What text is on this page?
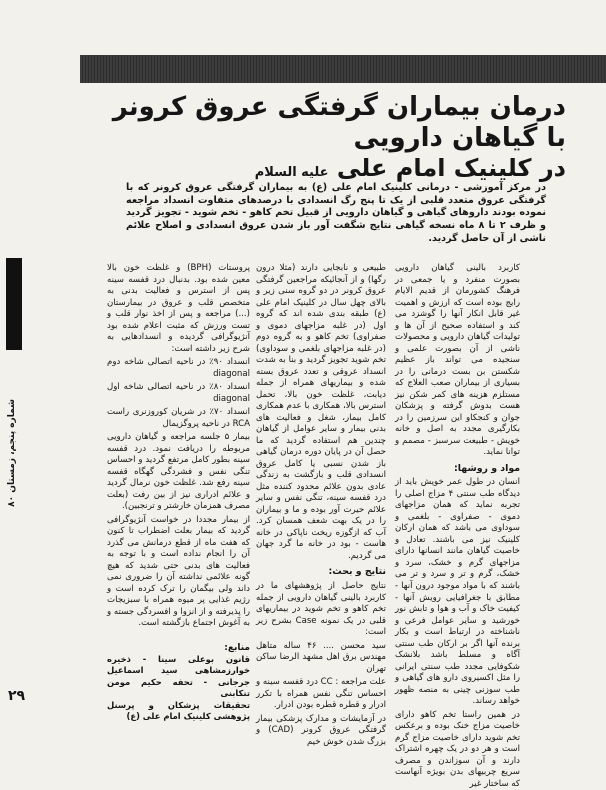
درمان بیماران گرفتگی عروق کرونر
با گیاهان دارویی
در کلینیک امام علی علیه السلام
در مرکز آموزشی - درمانی کلینیک امام علی (ع) به بیماران گرفتگی عروق کرونر که با گرفتگی عروق متعدد قلبی از یک تا پنج رگ انسدادی با درصدهای متفاوت انسداد مراجعه نموده بودند داروهای گیاهی و گیاهان دارویی از قبیل تخم کاهو - تخم شوید - تجویز گردید و ظرف ۲ تا ۸ ماه نسخه گیاهی نتایج شگفت آور باز شدن عروق انسدادی و اصلاح علائم ناشی از آن حاصل گردید.

کاربرد بالینی گیاهان دارویی بصورت منفرد و یا جمعی در فرهنگ کشورمان از قدیم الایام رایج بوده است که ارزش و اهمیت غیر قابل انکار آنها را گوشزد می کند و استفاده صحیح از آن ها و تولیدات گیاهان دارویی و محصولات ناشی از آن بصورت علمی و سنجیده می تواند باز عظیم شکستن بن بست درمانی را در بسیاری از بیماران صعب العلاج که مستلزم هزینه های کمر شکن نیز هست بدوش گرفته و پزشکان جوان و کنجکاو این سرزمین را در بکارگیری مجدد به اصل و خانه خویش - طبیعت سرسبز - مصمم و توانا نماید.

مواد و روشها:

انسان در طول عمر خویش باید از دیدگاه طب سنتی ۴ مزاج اصلی را تجربه نماید که همان مزاجهای دموی - صفراوی - بلغمی و سوداوی می باشد که همان ارکان کلینیک نیز می باشند. تعادل و خاصیت گیاهان مانند انسانها دارای مزاجهای گرم و خشک، سرد و خشک، گرم و تر و سرد و تر می باشند که با مواد موجود درون آنها - مطابق با جغرافیایی رویش آنها - کیفیت خاک و آب و هوا و تابش نور خورشید و سایر عوامل فرعی و ناشناخته در ارتباط است و بکار برنده آنها اگر بر ارکان طب سنتی آگاه و مسلط باشد بلانشک شکوفایی مجدد طب سنتی ایرانی را مثل اکسیروی دارو های گیاهی و طب سوزنی چینی به منصه ظهور خواهد رساند.

در همین راستا تخم کاهو دارای خاصیت مزاج خنک بوده و برعکس تخم شوید دارای خاصیت مزاج گرم است و هر دو در یک چهره اشتراک دارند و آن سوزاندن و مصرف سریع چربیهای بدن بویژه آنهاست که ساختار غیر

طبیعی و نابجایی دارند (مثلا درون رگها) و از آنجائیکه مراجعین گرفتگی عروق کرونر در دو گروه سنی زیر و بالای چهل سال در کلینیک امام علی (ع) طبقه بندی شده اند که گروه اول (در غلبه مزاجهای دموی و صفراوی) تخم کاهو و به گروه دوم (در غلبه مزاجهای بلغمی و سوداوی) تخم شوید تجویز گردید و بنا به شدت انسداد عروقی و تعدد عروق بسته شده و بیماریهای همراه از جمله دیابت، غلظت خون بالا، تحمل استرس بالا، همکاری با عدم همکاری کامل بیمار، شغل و فعالیت های بدنی بیمار و سایر عوامل از گیاهان چندین هم استفاده گردید که ما حصل آن در پایان دوره درمان گیاهی باز شدن نسبی یا کامل عروق انسدادی قلب و بازگشت به زندگی عادی بدون علائم محدود کننده مثل درد قفسه سینه، تنگی نفس و سایر علائم حیرت آور بوده و ما و بیماران را در یک بهت شعف همسان کرد. آب که ازگوزه ریخت ناپاکی در خانه هاست - بود در خانه ما گرد جهان می گردیم.

نتایج و بحث:

نتایج حاصل از پژوهشهای ما در کاربرد بالینی گیاهان دارویی از جمله تخم کاهو و تخم شوید در بیماریهای قلبی در یک نمونه Case بشرح زیر است:

سید محسن .... ۴۶ ساله متاهل مهندس برق اهل مشهد الرضا ساکن تهران

علت مراجعه : CC درد قفسه سینه و احساس تنگی نفس همراه با تکرر ادرار و قطره قطره بودن ادرار.

در آزمایشات و مدارک پزشکی بیمار گرفتگی عروق کرونر (CAD) و بزرگ شدن خوش خیم

پروستات (BPH) و غلظت خون بالا معین شده بود. بدنبال درد قفسه سینه پس از استرس و فعالیت بدنی به متخصص قلب و عروق در بیمارستان (...) مراجعه و پس از اخذ نوار قلب و تست ورزش که مثبت اعلام شده بود آنژیوگرافی گردیده و انسدادهایی به شرح زیر داشته است:

انسداد ۹۰٪ در ناحیه اتصالی شاخه دوم diagonal

انسداد ۸۰٪ در ناحیه اتصالی شاخه اول diagonal

انسداد ۷۰٪ در شریان کوروزنری راست RCA در ناحیه پروگزیمال

بیمار ۵ جلسه مراجعه و گیاهان دارویی مربوطه را دریافت نمود. درد قفسه سینه بطور کامل مرتفع گردید و احساس تنگی نفس و فشردگی گهگاه قفسه سینه رفع شد. غلظت خون نرمال گردید و علائم ادراری نیز از بین رفت (بعلت مصرف همزمان خارشتر و ترنجبین).

از بیمار مجددا در خواست آنژیوگرافی گردید که بیمار بعلت اضطراب تا کنون که هفت ماه از قطع درمانش می گذرد آن را انجام نداده است و با توجه به فعالیت های بدنی حتی شدید که هیچ گونه علائمی نداشته آن را ضروری نمی داند ولی بیگمان را ترک کرده است و رژیم غذایی پر میوه همراه با سبزیجات را پذیرفته و از انزوا و افسردگی جسته و به آغوش اجتماع بازگشته است.

منابع:
قانون بوعلی سینا - ذخیره خوارزمشاهی سید اسماعیل جرجانی - تحفه حکیم مومن تنکابنی
تحقیقات پزشکان و پرسنل پژوهشی کلینیک امام علی (ع)
شماره پنجم، زمستان ۸۰
۲۹
